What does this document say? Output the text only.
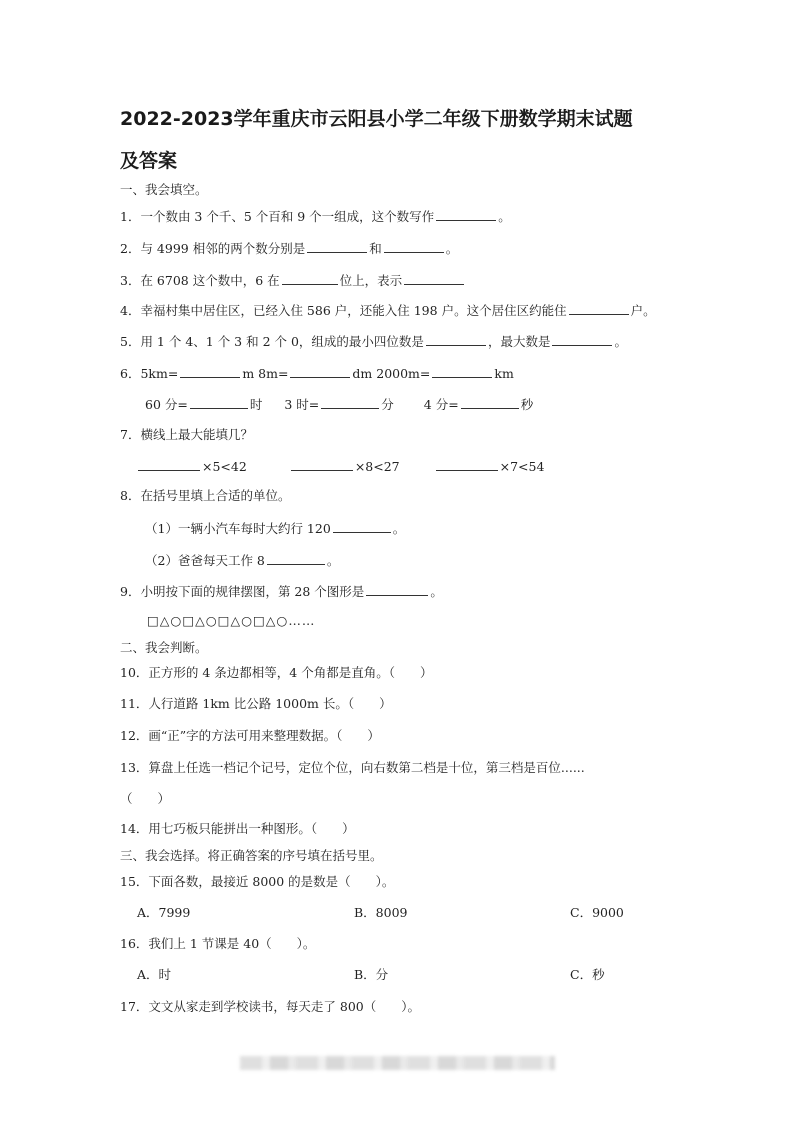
2022-2023学年重庆市云阳县小学二年级下册数学期末试题
及答案
一、我会填空。
1．一个数由 3 个千、5 个百和 9 个一组成，这个数写作	。
2．与 4999 相邻的两个数分别是	和	。
3．在 6708 这个数中，6 在	位上，表示
4．幸福村集中居住区，已经入住 586 户，还能入住 198 户。这个居住区约能住	户。
5．用 1 个 4、1 个 3 和 2 个 0，组成的最小四位数是	，最大数是	。
6．5km=	m 8m=	dm 2000m=	km
60 分=	时 3 时=	分 4 分=	秒
7．横线上最大能填几？
×5<42	×8<27	×7<54
8．在括号里填上合适的单位。
（1）一辆小汽车每时大约行 120	。
（2）爸爸每天工作 8	。
9．小明按下面的规律摆图，第 28 个图形是	。
□△○□△○□△○□△○……
二、我会判断。
10．正方形的 4 条边都相等，4 个角都是直角。（　　）
11．人行道路 1km 比公路 1000m 长。（　　）
12．画“正”字的方法可用来整理数据。（　　）
13．算盘上任选一档记个记号，定位个位，向右数第二档是十位，第三档是百位......
（　　）
14．用七巧板只能拼出一种图形。（　　）
三、我会选择。将正确答案的序号填在括号里。
15．下面各数，最接近 8000 的是数是（　　）。
A．7999	B．8009	C．9000
16．我们上 1 节课是 40（　　）。
A．时	B．分	C．秒
17．文文从家走到学校读书，每天走了 800（　　）。
